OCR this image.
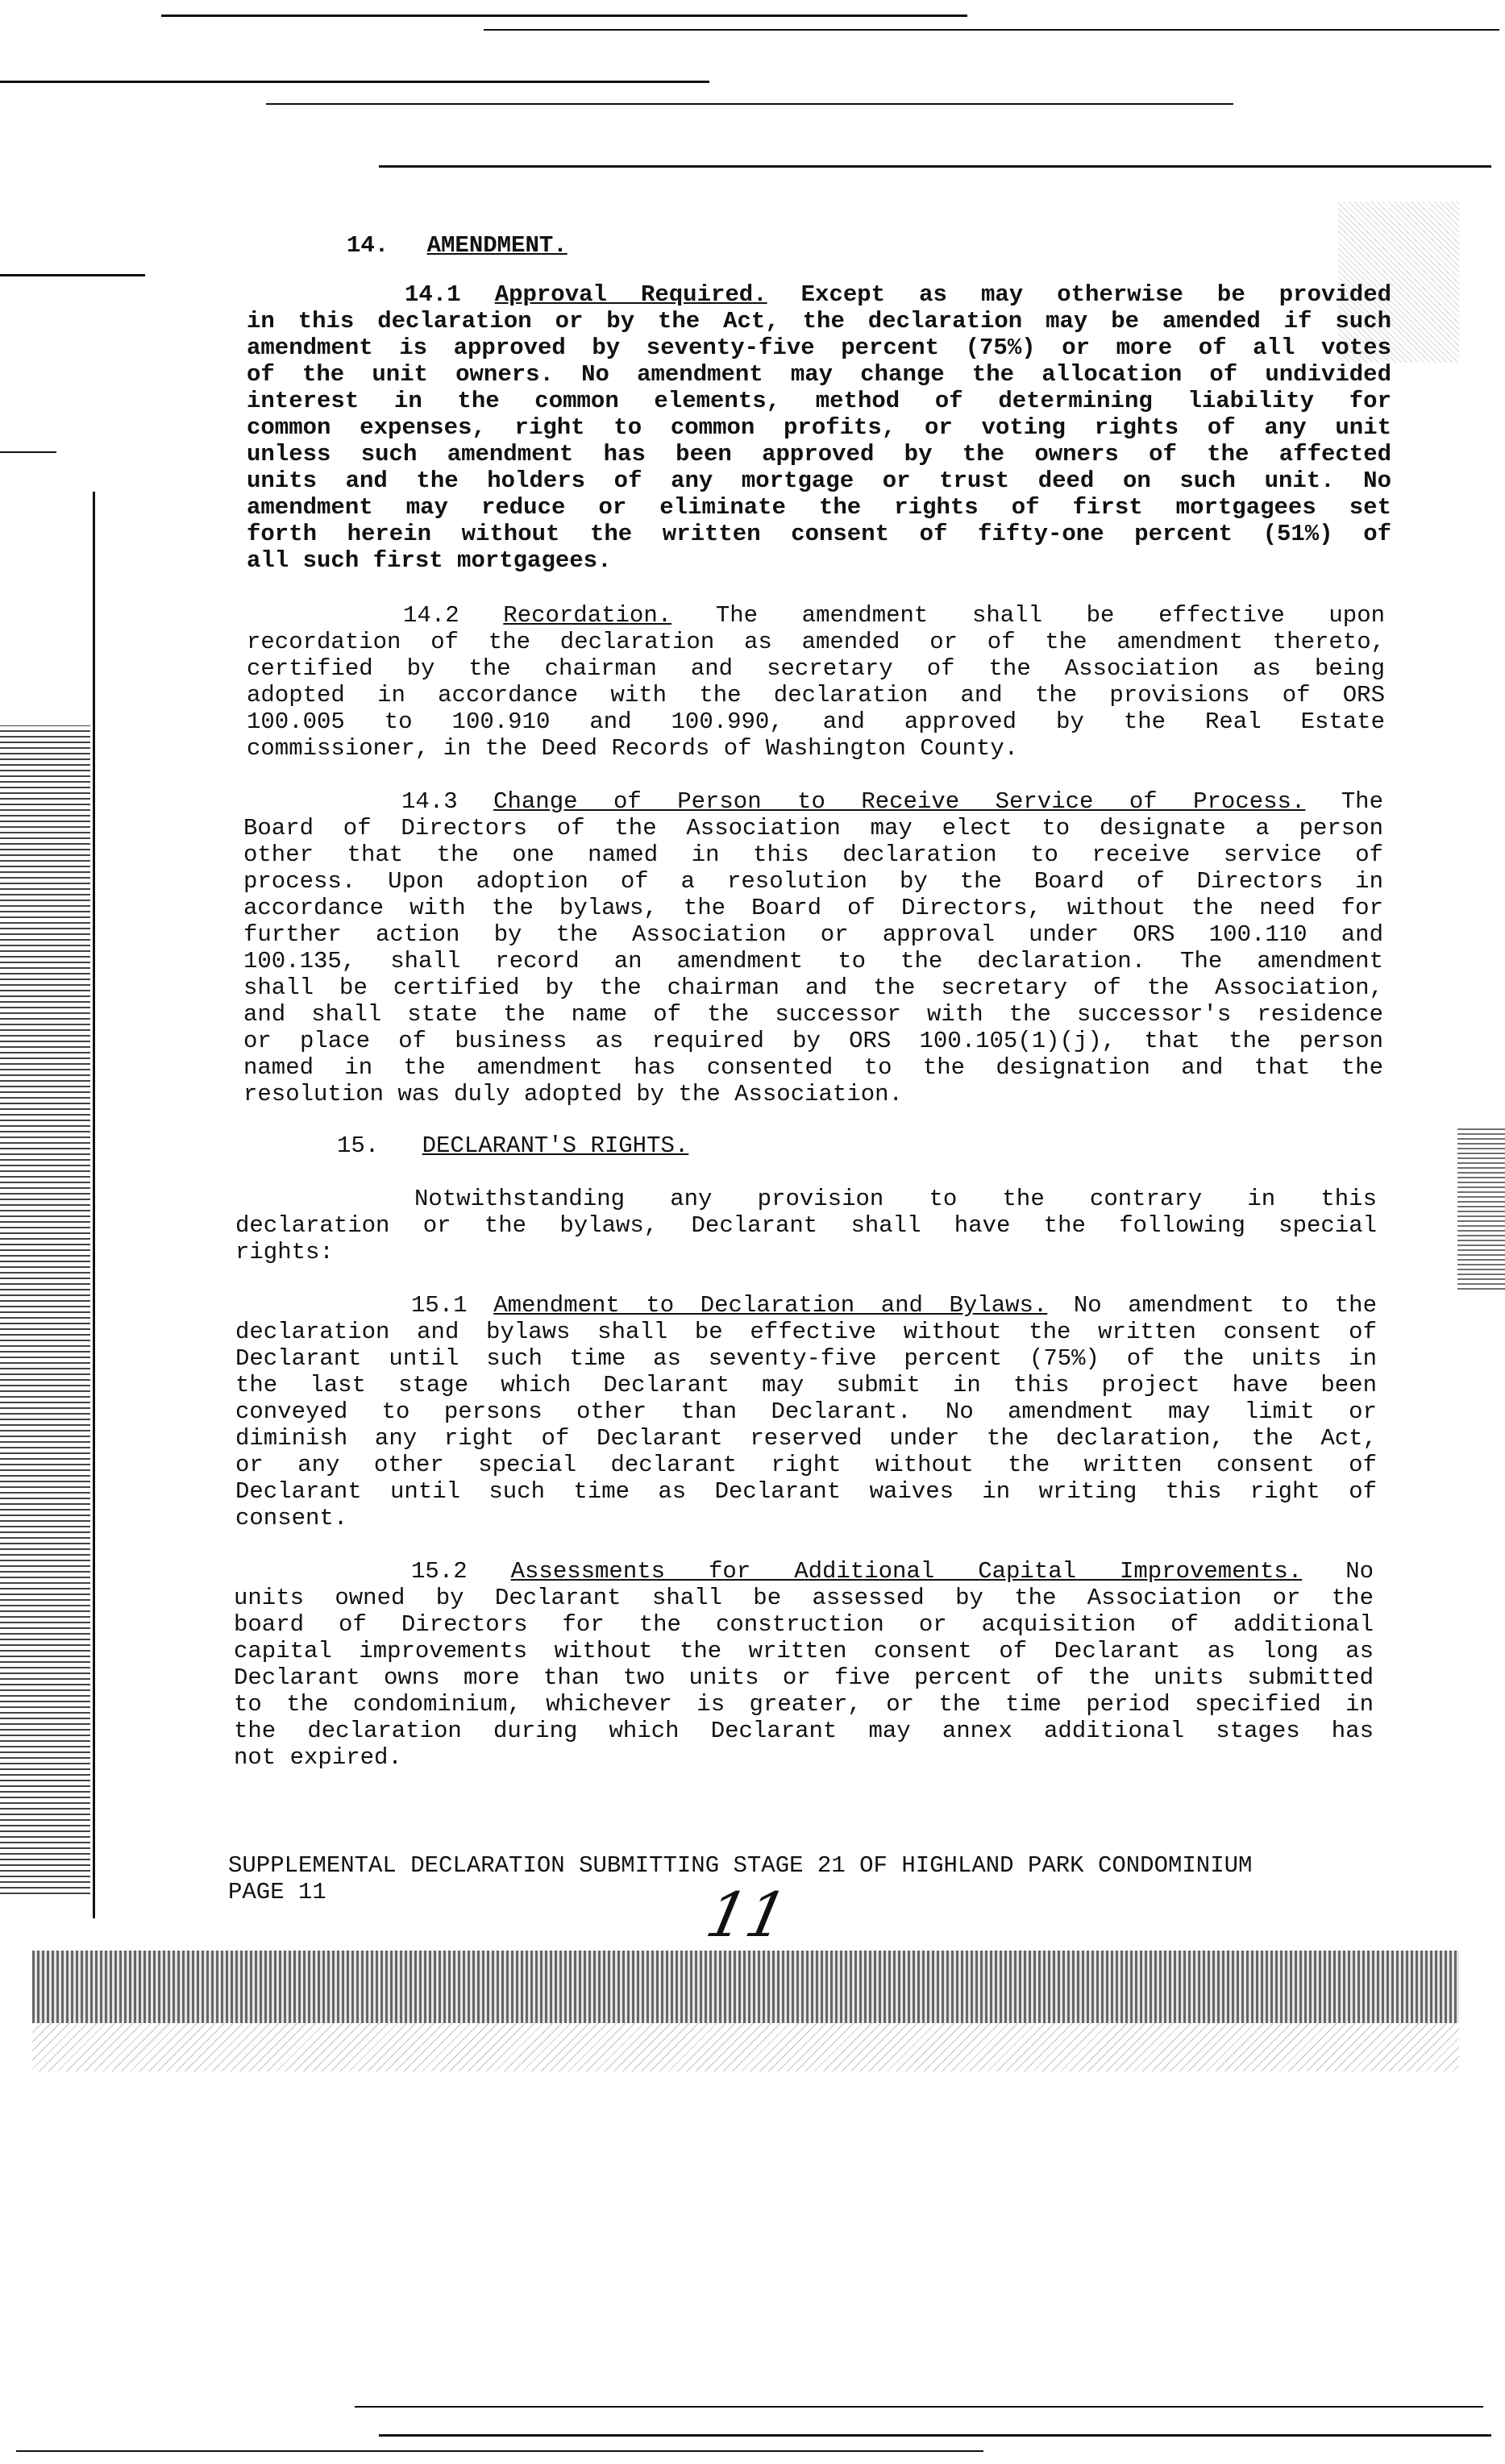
14. AMENDMENT.
14.1 Approval Required. Except as may otherwise be provided
in this declaration or by the Act, the declaration may be amended if such
amendment is approved by seventy-five percent (75%) or more of all votes
of the unit owners. No amendment may change the allocation of undivided
interest in the common elements, method of determining liability for
common expenses, right to common profits, or voting rights of any unit
unless such amendment has been approved by the owners of the affected
units and the holders of any mortgage or trust deed on such unit. No
amendment may reduce or eliminate the rights of first mortgagees set
forth herein without the written consent of fifty-one percent (51%) of
all such first mortgagees.
14.2 Recordation. The amendment shall be effective upon
recordation of the declaration as amended or of the amendment thereto,
certified by the chairman and secretary of the Association as being
adopted in accordance with the declaration and the provisions of ORS
100.005 to 100.910 and 100.990, and approved by the Real Estate
commissioner, in the Deed Records of Washington County.
14.3 Change of Person to Receive Service of Process. The
Board of Directors of the Association may elect to designate a person
other that the one named in this declaration to receive service of
process. Upon adoption of a resolution by the Board of Directors in
accordance with the bylaws, the Board of Directors, without the need for
further action by the Association or approval under ORS 100.110 and
100.135, shall record an amendment to the declaration. The amendment
shall be certified by the chairman and the secretary of the Association,
and shall state the name of the successor with the successor's residence
or place of business as required by ORS 100.105(1)(j), that the person
named in the amendment has consented to the designation and that the
resolution was duly adopted by the Association.
15. DECLARANT'S RIGHTS.
Notwithstanding any provision to the contrary in this
declaration or the bylaws, Declarant shall have the following special
rights:
15.1 Amendment to Declaration and Bylaws. No amendment to the
declaration and bylaws shall be effective without the written consent of
Declarant until such time as seventy-five percent (75%) of the units in
the last stage which Declarant may submit in this project have been
conveyed to persons other than Declarant. No amendment may limit or
diminish any right of Declarant reserved under the declaration, the Act,
or any other special declarant right without the written consent of
Declarant until such time as Declarant waives in writing this right of
consent.
15.2 Assessments for Additional Capital Improvements. No
units owned by Declarant shall be assessed by the Association or the
board of Directors for the construction or acquisition of additional
capital improvements without the written consent of Declarant as long as
Declarant owns more than two units or five percent of the units submitted
to the condominium, whichever is greater, or the time period specified in
the declaration during which Declarant may annex additional stages has
not expired.
SUPPLEMENTAL DECLARATION SUBMITTING STAGE 21 OF HIGHLAND PARK CONDOMINIUM
PAGE 11	11
